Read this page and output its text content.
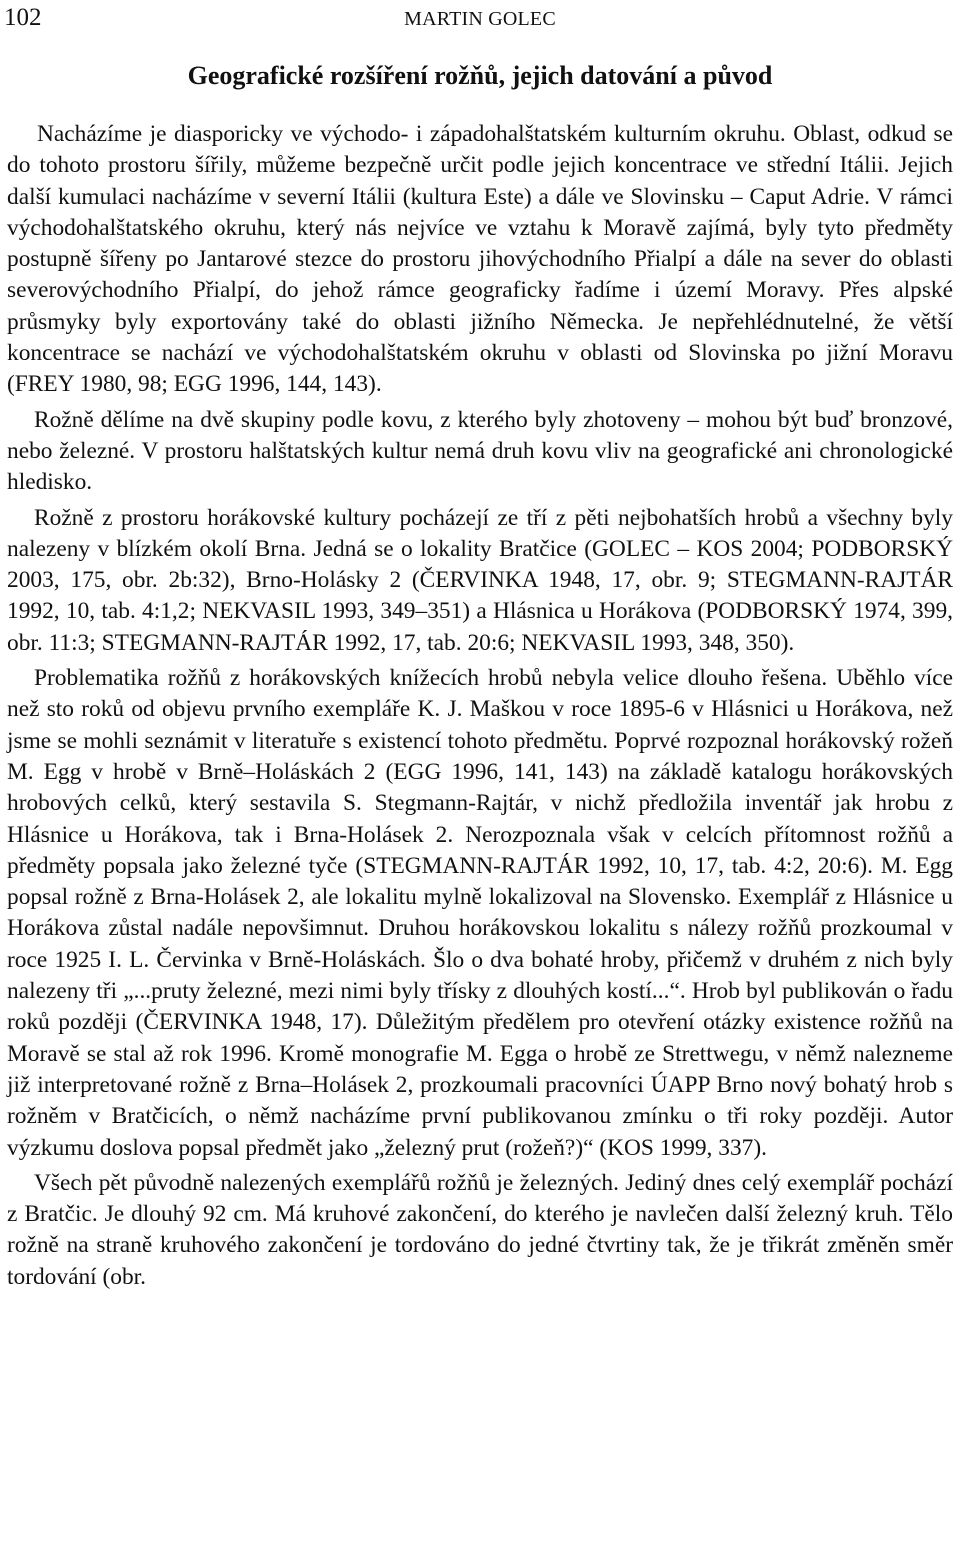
102	MARTIN GOLEC
Geografické rozšíření rožňů, jejich datování a původ

Nacházíme je diasporicky ve východo- i západohalštatském kulturním okruhu. Oblast, odkud se do tohoto prostoru šířily, můžeme bezpečně určit podle jejich koncentrace ve střední Itálii. Jejich další kumulaci nacházíme v severní Itálii (kultura Este) a dále ve Slovinsku – Caput Adrie. V rámci východohalštatského okruhu, který nás nejvíce ve vztahu k Moravě zajímá, byly tyto předměty postupně šířeny po Jantarové stezce do prostoru jihovýchodního Přialpí a dále na sever do oblasti severovýchodního Přialpí, do jehož rámce geograficky řadíme i území Moravy. Přes alpské průsmyky byly exportovány také do oblasti jižního Německa. Je nepřehlédnutelné, že větší koncentrace se nachází ve východohalštatském okruhu v oblasti od Slovinska po jižní Moravu (FREY 1980, 98; EGG 1996, 144, 143).

Rožně dělíme na dvě skupiny podle kovu, z kterého byly zhotoveny – mohou být buď bronzové, nebo železné. V prostoru halštatských kultur nemá druh kovu vliv na geografické ani chronologické hledisko.

Rožně z prostoru horákovské kultury pocházejí ze tří z pěti nejbohatších hrobů a všechny byly nalezeny v blízkém okolí Brna. Jedná se o lokality Bratčice (GOLEC – KOS 2004; PODBORSKÝ 2003, 175, obr. 2b:32), Brno-Holásky 2 (ČERVINKA 1948, 17, obr. 9; STEGMANN-RAJTÁR 1992, 10, tab. 4:1,2; NEKVASIL 1993, 349–351) a Hlásnica u Horákova (PODBORSKÝ 1974, 399, obr. 11:3; STEGMANN-RAJTÁR 1992, 17, tab. 20:6; NEKVASIL 1993, 348, 350).

Problematika rožňů z horákovských knížecích hrobů nebyla velice dlouho řešena. Uběhlo více než sto roků od objevu prvního exempláře K. J. Maškou v roce 1895-6 v Hlásnici u Horákova, než jsme se mohli seznámit v literatuře s existencí tohoto předmětu. Poprvé rozpoznal horákovský rožeň M. Egg v hrobě v Brně–Holáskách 2 (EGG 1996, 141, 143) na základě katalogu horákovských hrobových celků, který sestavila S. Stegmann-Rajtár, v nichž předložila inventář jak hrobu z Hlásnice u Horákova, tak i Brna-Holásek 2. Nerozpoznala však v celcích přítomnost rožňů a předměty popsala jako železné tyče (STEGMANN-RAJTÁR 1992, 10, 17, tab. 4:2, 20:6). M. Egg popsal rožně z Brna-Holásek 2, ale lokalitu mylně lokalizoval na Slovensko. Exemplář z Hlásnice u Horákova zůstal nadále nepovšimnut. Druhou horákovskou lokalitu s nálezy rožňů prozkoumal v roce 1925 I. L. Červinka v Brně-Holáskách. Šlo o dva bohaté hroby, přičemž v druhém z nich byly nalezeny tři „...pruty železné, mezi nimi byly třísky z dlouhých kostí...“. Hrob byl publikován o řadu roků později (ČERVINKA 1948, 17). Důležitým předělem pro otevření otázky existence rožňů na Moravě se stal až rok 1996. Kromě monografie M. Egga o hrobě ze Strettwegu, v němž nalezneme již interpretované rožně z Brna–Holásek 2, prozkoumali pracovníci ÚAPP Brno nový bohatý hrob s rožněm v Bratčicích, o němž nacházíme první publikovanou zmínku o tři roky později. Autor výzkumu doslova popsal předmět jako „železný prut (rožeň?)“ (KOS 1999, 337).

Všech pět původně nalezených exemplářů rožňů je železných. Jediný dnes celý exemplář pochází z Bratčic. Je dlouhý 92 cm. Má kruhové zakončení, do kterého je navlečen další železný kruh. Tělo rožně na straně kruhového zakončení je tordováno do jedné čtvrtiny tak, že je třikrát změněn směr tordování (obr.
